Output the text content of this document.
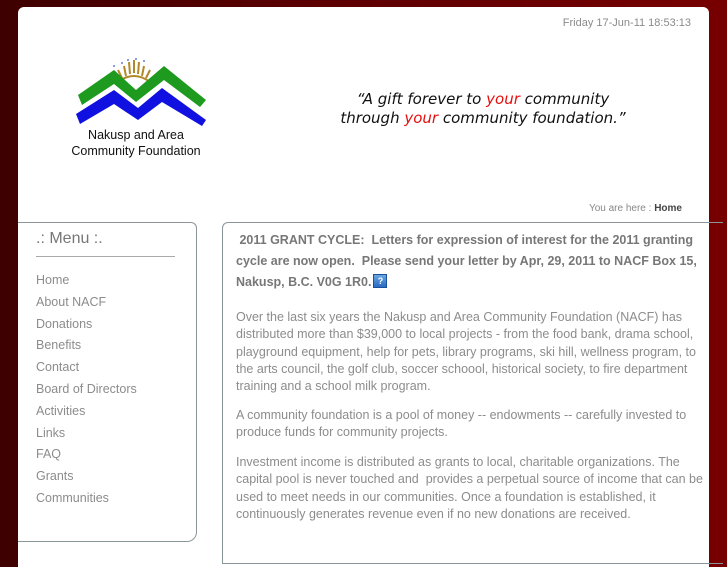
Friday 17-Jun-11 18:53:13
Nakusp and Area
Community Foundation
“A gift forever to your community
through your community foundation.”
You are here : Home
.: Menu :.
Home
About NACF
Donations
Benefits
Contact
Board of Directors
Activities
Links
FAQ
Grants
Communities
2011 GRANT CYCLE:  Letters for expression of interest for the 2011 granting cycle are now open.  Please send your letter by Apr, 29, 2011 to NACF Box 15, Nakusp, B.C. V0G 1R0. ?

Over the last six years the Nakusp and Area Community Foundation (NACF) has distributed more than $39,000 to local projects - from the food bank, drama school, playground equipment, help for pets, library programs, ski hill, wellness program, to the arts council, the golf club, soccer schoool, historical society, to fire department training and a school milk program.

A community foundation is a pool of money -- endowments -- carefully invested to produce funds for community projects.

Investment income is distributed as grants to local, charitable organizations. The capital pool is never touched and  provides a perpetual source of income that can be used to meet needs in our communities. Once a foundation is established, it continuously generates revenue even if no new donations are received.
